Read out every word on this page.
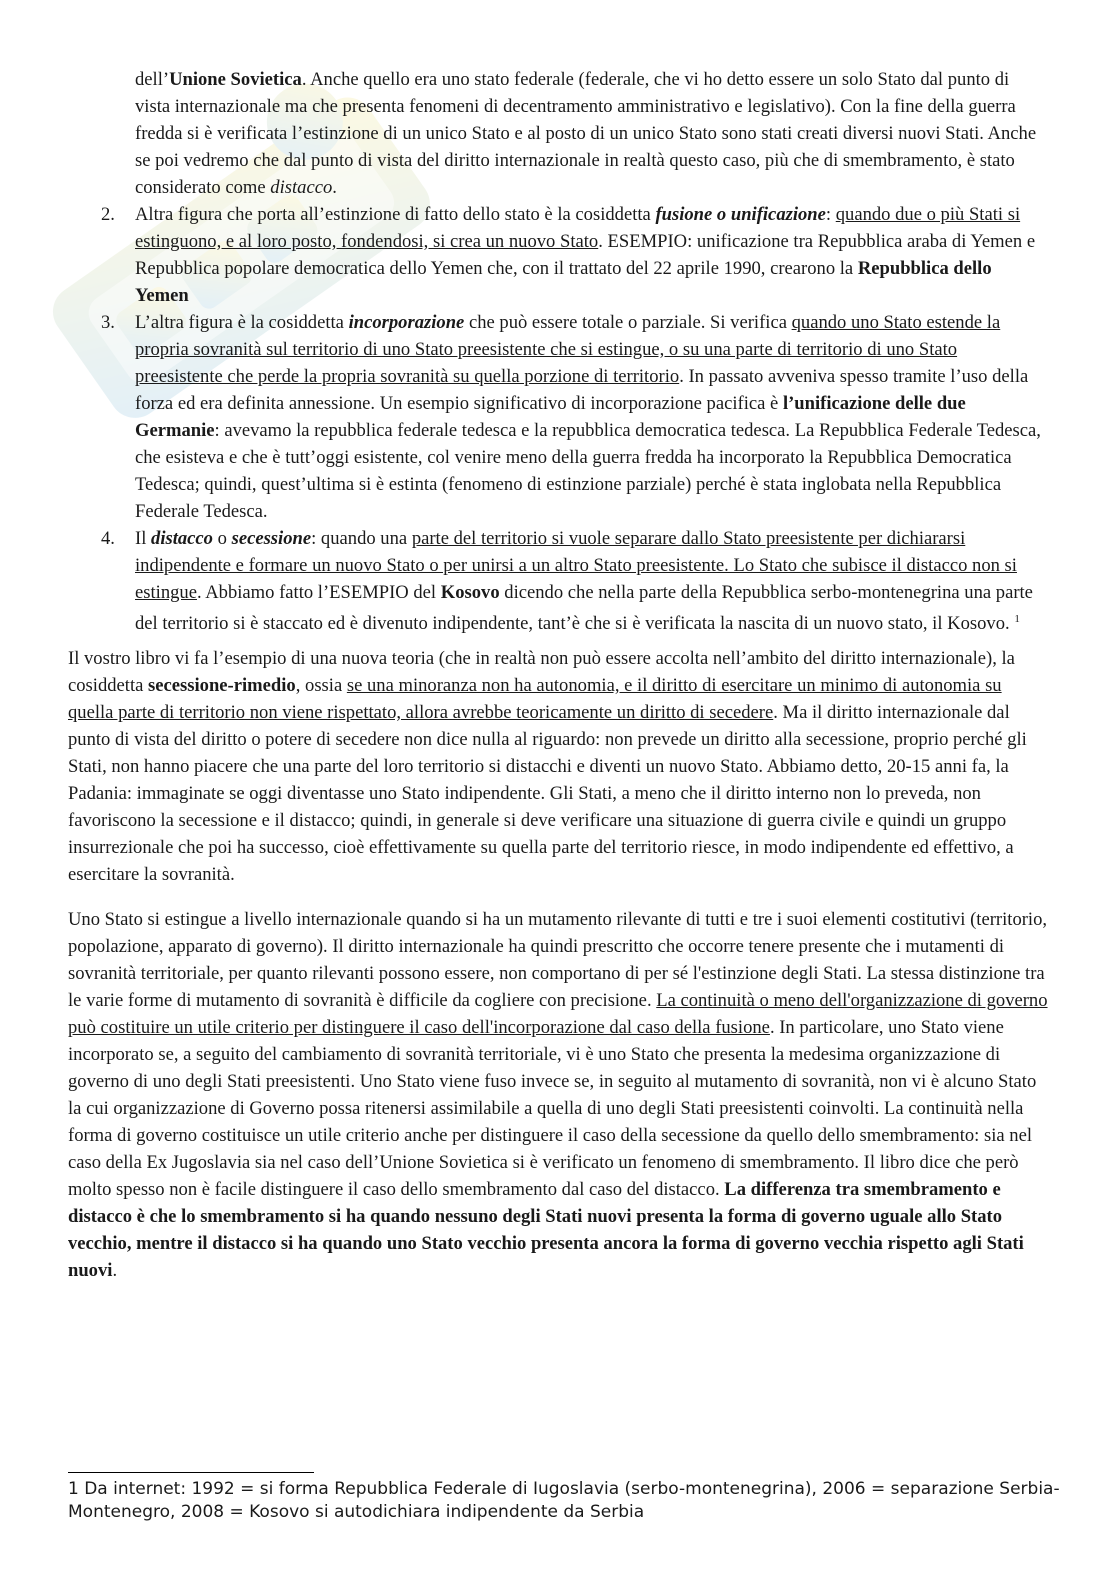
dell’Unione Sovietica. Anche quello era uno stato federale (federale, che vi ho detto essere un solo Stato dal punto di vista internazionale ma che presenta fenomeni di decentramento amministrativo e legislativo). Con la fine della guerra fredda si è verificata l’estinzione di un unico Stato e al posto di un unico Stato sono stati creati diversi nuovi Stati. Anche se poi vedremo che dal punto di vista del diritto internazionale in realtà questo caso, più che di smembramento, è stato considerato come distacco.

2. Altra figura che porta all’estinzione di fatto dello stato è la cosiddetta fusione o unificazione: quando due o più Stati si estinguono, e al loro posto, fondendosi, si crea un nuovo Stato. ESEMPIO: unificazione tra Repubblica araba di Yemen e Repubblica popolare democratica dello Yemen che, con il trattato del 22 aprile 1990, crearono la Repubblica dello Yemen

3. L’altra figura è la cosiddetta incorporazione che può essere totale o parziale. Si verifica quando uno Stato estende la propria sovranità sul territorio di uno Stato preesistente che si estingue, o su una parte di territorio di uno Stato preesistente che perde la propria sovranità su quella porzione di territorio. In passato avveniva spesso tramite l’uso della forza ed era definita annessione. Un esempio significativo di incorporazione pacifica è l’unificazione delle due Germanie: avevamo la repubblica federale tedesca e la repubblica democratica tedesca. La Repubblica Federale Tedesca, che esisteva e che è tutt’oggi esistente, col venire meno della guerra fredda ha incorporato la Repubblica Democratica Tedesca; quindi, quest’ultima si è estinta (fenomeno di estinzione parziale) perché è stata inglobata nella Repubblica Federale Tedesca.

4. Il distacco o secessione: quando una parte del territorio si vuole separare dallo Stato preesistente per dichiararsi indipendente e formare un nuovo Stato o per unirsi a un altro Stato preesistente. Lo Stato che subisce il distacco non si estingue. Abbiamo fatto l’ESEMPIO del Kosovo dicendo che nella parte della Repubblica serbo-montenegrina una parte del territorio si è staccato ed è divenuto indipendente, tant’è che si è verificata la nascita di un nuovo stato, il Kosovo. $^1$

Il vostro libro vi fa l’esempio di una nuova teoria (che in realtà non può essere accolta nell’ambito del diritto internazionale), la cosiddetta secessione-rimedio, ossia se una minoranza non ha autonomia, e il diritto di esercitare un minimo di autonomia su quella parte di territorio non viene rispettato, allora avrebbe teoricamente un diritto di secedere. Ma il diritto internazionale dal punto di vista del diritto o potere di secedere non dice nulla al riguardo: non prevede un diritto alla secessione, proprio perché gli Stati, non hanno piacere che una parte del loro territorio si distacchi e diventi un nuovo Stato. Abbiamo detto, 20-15 anni fa, la Padania: immaginate se oggi diventasse uno Stato indipendente. Gli Stati, a meno che il diritto interno non lo preveda, non favoriscono la secessione e il distacco; quindi, in generale si deve verificare una situazione di guerra civile e quindi un gruppo insurrezionale che poi ha successo, cioè effettivamente su quella parte del territorio riesce, in modo indipendente ed effettivo, a esercitare la sovranità.

Uno Stato si estingue a livello internazionale quando si ha un mutamento rilevante di tutti e tre i suoi elementi costitutivi (territorio, popolazione, apparato di governo). Il diritto internazionale ha quindi prescritto che occorre tenere presente che i mutamenti di sovranità territoriale, per quanto rilevanti possono essere, non comportano di per sé l'estinzione degli Stati. La stessa distinzione tra le varie forme di mutamento di sovranità è difficile da cogliere con precisione. La continuità o meno dell'organizzazione di governo può costituire un utile criterio per distinguere il caso dell'incorporazione dal caso della fusione. In particolare, uno Stato viene incorporato se, a seguito del cambiamento di sovranità territoriale, vi è uno Stato che presenta la medesima organizzazione di governo di uno degli Stati preesistenti. Uno Stato viene fuso invece se, in seguito al mutamento di sovranità, non vi è alcuno Stato la cui organizzazione di Governo possa ritenersi assimilabile a quella di uno degli Stati preesistenti coinvolti. La continuità nella forma di governo costituisce un utile criterio anche per distinguere il caso della secessione da quello dello smembramento: sia nel caso della Ex Jugoslavia sia nel caso dell’Unione Sovietica si è verificato un fenomeno di smembramento. Il libro dice che però molto spesso non è facile distinguere il caso dello smembramento dal caso del distacco. La differenza tra smembramento e distacco è che lo smembramento si ha quando nessuno degli Stati nuovi presenta la forma di governo uguale allo Stato vecchio, mentre il distacco si ha quando uno Stato vecchio presenta ancora la forma di governo vecchia rispetto agli Stati nuovi.

1 Da internet: 1992 = si forma Repubblica Federale di Iugoslavia (serbo-montenegrina), 2006 = separazione Serbia-Montenegro, 2008 = Kosovo si autodichiara indipendente da Serbia
